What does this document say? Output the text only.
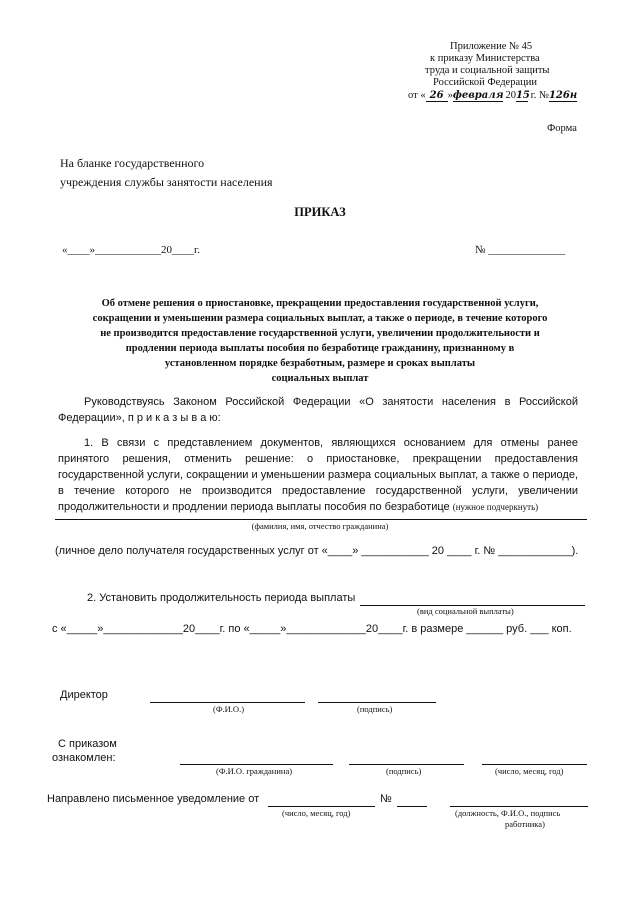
Приложение № 45
к приказу Министерства
труда и социальной защиты
Российской Федерации
от « 26 »февраля 2015 г. №126н
Форма
На бланке государственного
учреждения службы занятости населения
ПРИКАЗ
«____»____________20____г.	№ ______________
Об отмене решения о приостановке, прекращении предоставления государственной услуги,
сокращении и уменьшении размера социальных выплат, а также о периоде, в течение которого
не производится предоставление государственной услуги, увеличении продолжительности и
продлении периода выплаты пособия по безработице гражданину, признанному в
установленном порядке безработным, размере и сроках выплаты
социальных выплат
Руководствуясь Законом Российской Федерации «О занятости населения в Российской Федерации», п р и к а з ы в а ю:
1. В связи с представлением документов, являющихся основанием для отмены ранее принятого решения, отменить решение: о приостановке, прекращении предоставления государственной услуги, сокращении и уменьшении размера социальных выплат, а также о периоде, в течение которого не производится предоставление государственной услуги, увеличении продолжительности и продлении периода выплаты пособия по безработице (нужное подчеркнуть)
(фамилия, имя, отчество гражданина)
(личное дело получателя государственных услуг от «____» ___________ 20 ____ г. № ____________).
2. Установить продолжительность периода выплаты
(вид социальной выплаты)
с «_____»_____________20____г. по «_____»_____________20____г. в размере ______ руб. ___ коп.
Директор
(Ф.И.О.)	(подпись)
С приказом
ознакомлен:
(Ф.И.О. гражданина)	(подпись)	(число, месяц, год)
Направлено письменное уведомление от	№
(число, месяц, год)	(должность, Ф.И.О., подпись
работника)
